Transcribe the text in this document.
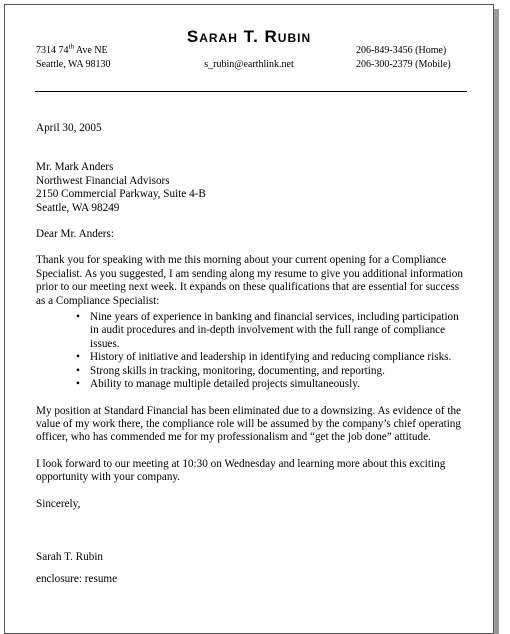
Sarah T. Rubin
7314 74th Ave NE
Seattle, WA 98130	s_rubin@earthlink.net
206-849-3456 (Home)
206-300-2379 (Mobile)

April 30, 2005

Mr. Mark Anders
Northwest Financial Advisors
2150 Commercial Parkway, Suite 4-B
Seattle, WA 98249

Dear Mr. Anders:

Thank you for speaking with me this morning about your current opening for a Compliance Specialist. As you suggested, I am sending along my resume to give you additional information prior to our meeting next week. It expands on these qualifications that are essential for success as a Compliance Specialist:

• Nine years of experience in banking and financial services, including participation in audit procedures and in-depth involvement with the full range of compliance issues.
• History of initiative and leadership in identifying and reducing compliance risks.
• Strong skills in tracking, monitoring, documenting, and reporting.
• Ability to manage multiple detailed projects simultaneously.

My position at Standard Financial has been eliminated due to a downsizing. As evidence of the value of my work there, the compliance role will be assumed by the company’s chief operating officer, who has commended me for my professionalism and “get the job done” attitude.

I look forward to our meeting at 10:30 on Wednesday and learning more about this exciting opportunity with your company.

Sincerely,

Sarah T. Rubin

enclosure: resume
